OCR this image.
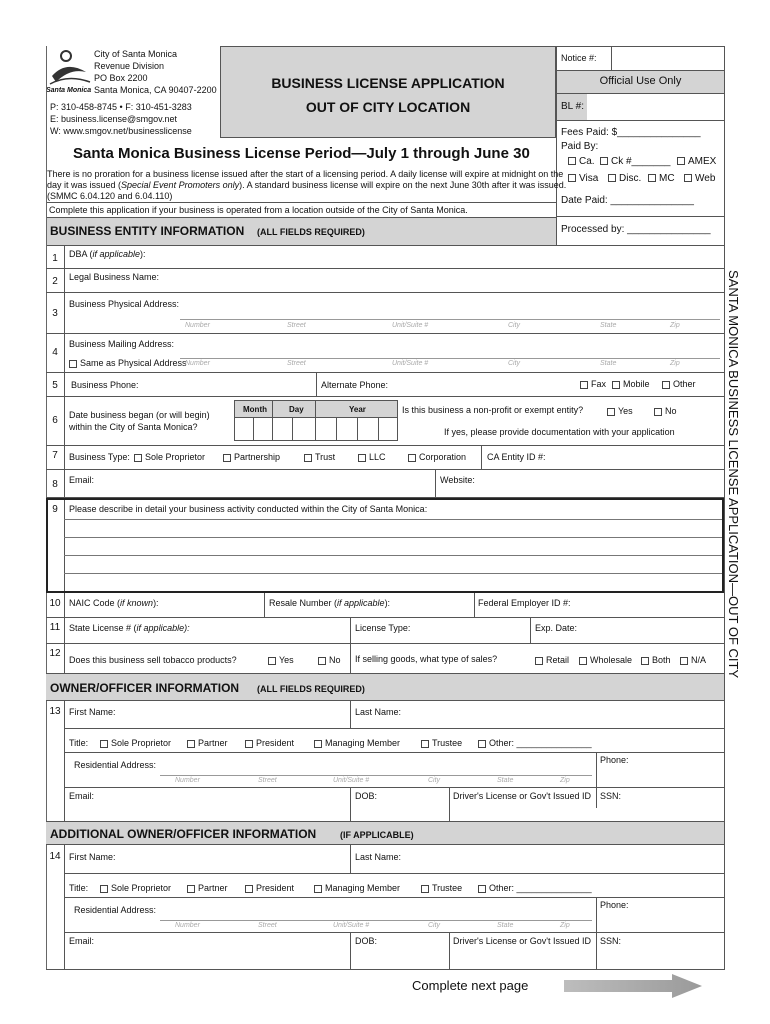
Santa Monica
City of Santa Monica
Revenue Division
PO Box 2200
Santa Monica, CA 90407-2200
P: 310-458-8745 • F: 310-451-3283
E: business.license@smgov.net
W: www.smgov.net/businesslicense
BUSINESS LICENSE APPLICATION
OUT OF CITY LOCATION
Notice #:
Official Use Only
BL #:
Fees Paid: $_______________
Paid By:
Ca.	Ck #_______	AMEX
Visa	Disc.	MC	Web
Date Paid: _______________
Processed by: _______________
Santa Monica Business License Period—July 1 through June 30
There is no proration for a business license issued after the start of a licensing period. A daily license will expire at midnight on the
day it was issued (Special Event Promoters only). A standard business license will expire on the next June 30th after it was issued.
(SMMC 6.04.120 and 6.04.110)
Complete this application if your business is operated from a location outside of the City of Santa Monica.
BUSINESS ENTITY INFORMATION (ALL FIELDS REQUIRED)
1	DBA (if applicable):
2	Legal Business Name:
3
Business Physical Address:
Number	Street	Unit/Suite #	City	State	Zip
4
Business Mailing Address:
Same as Physical Address
Number	Street	Unit/Suite #	City	State	Zip
5	Business Phone:	Alternate Phone:	Fax	Mobile	Other
6	Date business began (or will begin)
within the City of Santa Monica?
Month	Day	Year	Is this business a non-profit or exempt entity?	Yes	No
If yes, please provide documentation with your application
7	Business Type:	Sole Proprietor	Partnership	Trust	LLC	Corporation CA Entity ID #:
8	Email:	Website:
9	Please describe in detail your business activity conducted within the City of Santa Monica:
10 NAIC Code (if known):	Resale Number (if applicable):	Federal Employer ID #:
11 State License # (if applicable):	License Type:	Exp. Date:
12
Does this business sell tobacco products?	Yes	No If selling goods, what type of sales?	Retail	Wholesale	Both	N/A
OWNER/OFFICER INFORMATION (ALL FIELDS REQUIRED)
13 First Name:	Last Name:
Title:	Sole Proprietor	Partner	President	Managing Member	Trustee	Other: _______________
Phone:
Residential Address:
Number	Street	Unit/Suite #	City	State	Zip
Email:	DOB:	Driver's License or Gov't Issued ID SSN:
ADDITIONAL OWNER/OFFICER INFORMATION	(IF APPLICABLE)
14 First Name:	Last Name:
Title:	Sole Proprietor	Partner	President	Managing Member	Trustee	Other: _______________
Phone:
Residential Address:
Number	Street	Unit/Suite #	City	State	Zip
Email:	DOB:	Driver's License or Gov't Issued ID SSN:
SANTA MONICA BUSINESS LICENSE APPLICATION—OUT OF CITY
Complete next page
